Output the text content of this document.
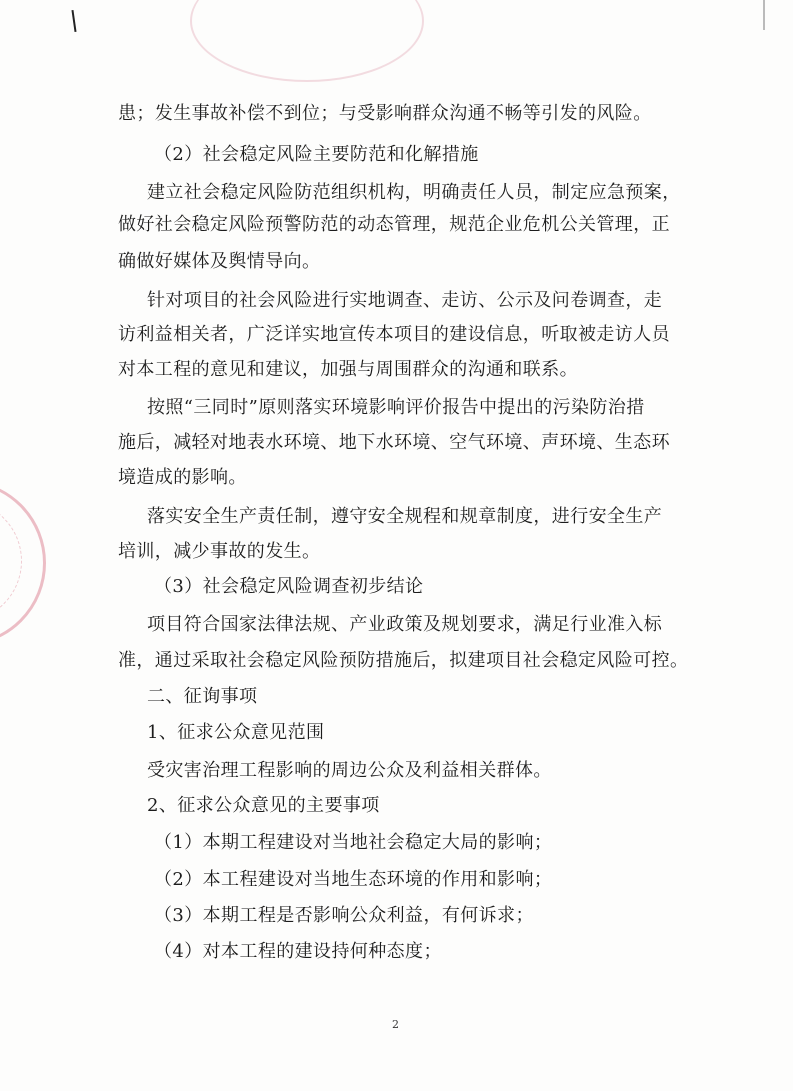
患；发生事故补偿不到位；与受影响群众沟通不畅等引发的风险。
（2）社会稳定风险主要防范和化解措施
建立社会稳定风险防范组织机构，明确责任人员，制定应急预案，
做好社会稳定风险预警防范的动态管理，规范企业危机公关管理，正
确做好媒体及舆情导向。
针对项目的社会风险进行实地调查、走访、公示及问卷调查，走
访利益相关者，广泛详实地宣传本项目的建设信息，听取被走访人员
对本工程的意见和建议，加强与周围群众的沟通和联系。
按照“三同时”原则落实环境影响评价报告中提出的污染防治措
施后，减轻对地表水环境、地下水环境、空气环境、声环境、生态环
境造成的影响。
落实安全生产责任制，遵守安全规程和规章制度，进行安全生产
培训，减少事故的发生。
（3）社会稳定风险调查初步结论
项目符合国家法律法规、产业政策及规划要求，满足行业准入标
准，通过采取社会稳定风险预防措施后，拟建项目社会稳定风险可控。
二、征询事项
1、征求公众意见范围
受灾害治理工程影响的周边公众及利益相关群体。
2、征求公众意见的主要事项
（1）本期工程建设对当地社会稳定大局的影响；
（2）本工程建设对当地生态环境的作用和影响；
（3）本期工程是否影响公众利益，有何诉求；
（4）对本工程的建设持何种态度；
2
